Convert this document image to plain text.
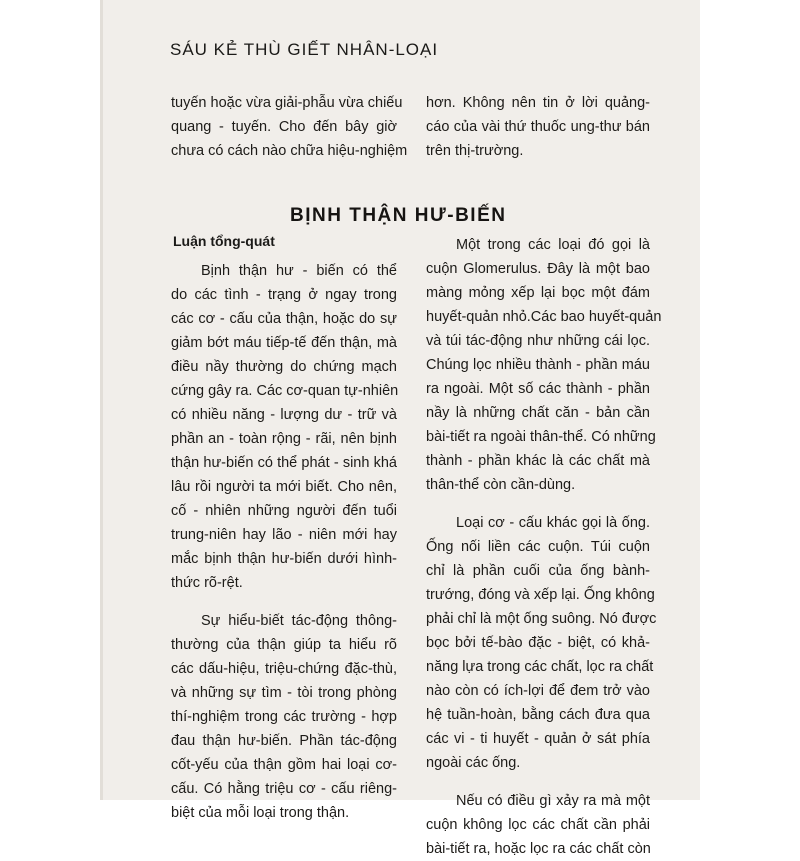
SÁU KẺ THÙ GIẾT NHÂN-LOẠI
tuyến hoặc vừa giải-phẫu vừa chiếu
quang - tuyến. Cho đến bây giờ
chưa có cách nào chữa hiệu-nghiệm
hơn. Không nên tin ở lời quảng-
cáo của vài thứ thuốc ung-thư bán
trên thị-trường.
BỊNH THẬN HƯ-BIẾN
Luận tổng-quát

Bịnh thận hư - biến có thể
do các tình - trạng ở ngay trong
các cơ - cấu của thận, hoặc do sự
giảm bớt máu tiếp-tế đến thận, mà
điều nầy thường do chứng mạch
cứng gây ra. Các cơ-quan tự-nhiên
có nhiều năng - lượng dư - trữ và
phần an - toàn rộng - rãi, nên bịnh
thận hư-biến có thể phát - sinh khá
lâu rồi người ta mới biết. Cho nên,
cố - nhiên những người đến tuổi
trung-niên hay lão - niên mới hay
mắc bịnh thận hư-biến dưới hình-
thức rõ-rệt.

Sự hiểu-biết tác-động thông-
thường của thận giúp ta hiểu rõ
các dấu-hiệu, triệu-chứng đặc-thù,
và những sự tìm - tòi trong phòng
thí-nghiệm trong các trường - hợp
đau thận hư-biến. Phần tác-động
cốt-yếu của thận gồm hai loại cơ-
cấu. Có hằng triệu cơ - cấu riêng-
biệt của mỗi loại trong thận.

Một trong các loại đó gọi là
cuộn Glomerulus. Đây là một bao
màng mỏng xếp lại bọc một đám
huyết-quản nhỏ.Các bao huyết-quản
và túi tác-động như những cái lọc.
Chúng lọc nhiều thành - phần máu
ra ngoài. Một số các thành - phần
nầy là những chất căn - bản cần
bài-tiết ra ngoài thân-thể. Có những
thành - phần khác là các chất mà
thân-thể còn cần-dùng.

Loại cơ - cấu khác gọi là ống.
Ống nối liền các cuộn. Túi cuộn
chỉ là phần cuối của ống bành-
trướng, đóng và xếp lại. Ống không
phải chỉ là một ống suông. Nó được
bọc bởi tế-bào đặc - biệt, có khả-
năng lựa trong các chất, lọc ra chất
nào còn có ích-lợi để đem trở vào
hệ tuần-hoàn, bằng cách đưa qua
các vi - ti huyết - quản ở sát phía
ngoài các ống.

Nếu có điều gì xảy ra mà một
cuộn không lọc các chất cần phải
bài-tiết ra, hoặc lọc ra các chất còn
